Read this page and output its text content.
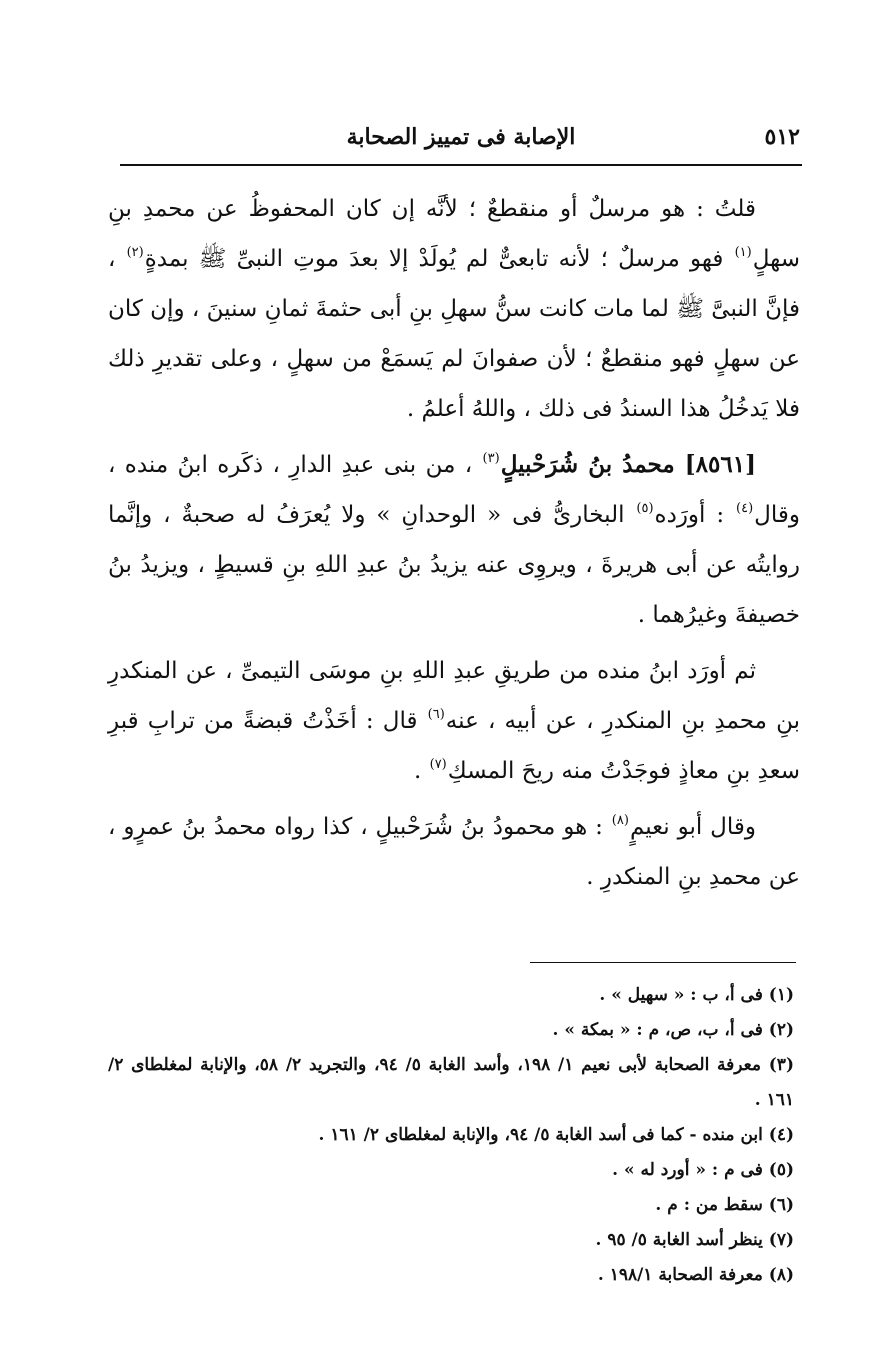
٥١٢
الإصابة فى تمييز الصحابة

قلتُ : هو مرسلٌ أو منقطعٌ ؛ لأنَّه إن كان المحفوظُ عن محمدِ بنِ سهلٍ$^{(١)}$ فهو مرسلٌ ؛ لأنه تابعىٌّ لم يُولَدْ إلا بعدَ موتِ النبىِّ ﷺ بمدةٍ$^{(٢)}$ ، فإنَّ النبىَّ ﷺ لما مات كانت سنُّ سهلِ بنِ أبى حثمةَ ثمانِ سنينَ ، وإن كان عن سهلٍ فهو منقطعٌ ؛ لأن صفوانَ لم يَسمَعْ من سهلٍ ، وعلى تقديرِ ذلك فلا يَدخُلُ هذا السندُ فى ذلك ، واللهُ أعلمُ .

[٨٥٦١] محمدُ بنُ شُرَحْبيلٍ$^{(٣)}$ ، من بنى عبدِ الدارِ ، ذكَره ابنُ منده ، وقال$^{(٤)}$ : أورَده$^{(٥)}$ البخارىُّ فى « الوحدانِ » ولا يُعرَفُ له صحبةٌ ، وإنَّما روايتُه عن أبى هريرةَ ، ويروِى عنه يزيدُ بنُ عبدِ اللهِ بنِ قسيطٍ ، ويزيدُ بنُ خصيفةَ وغيرُهما .

ثم أورَد ابنُ منده من طريقِ عبدِ اللهِ بنِ موسَى التيمىِّ ، عن المنكدرِ بنِ محمدِ بنِ المنكدرِ ، عن أبيه ، عنه$^{(٦)}$ قال : أخَذْتُ قبضةً من ترابِ قبرِ سعدِ بنِ معاذٍ فوجَدْتُ منه ريحَ المسكِ$^{(٧)}$ .

وقال أبو نعيمٍ$^{(٨)}$ : هو محمودُ بنُ شُرَحْبيلٍ ، كذا رواه محمدُ بنُ عمرٍو ، عن محمدِ بنِ المنكدرِ .

(١) فى أ، ب : « سهيل » .
(٢) فى أ، ب، ص، م : « بمكة » .
(٣) معرفة الصحابة لأبى نعيم ١/ ١٩٨، وأسد الغابة ٥/ ٩٤، والتجريد ٢/ ٥٨، والإنابة لمغلطاى ٢/ ١٦١ .
(٤) ابن منده - كما فى أسد الغابة ٥/ ٩٤، والإنابة لمغلطاى ٢/ ١٦١ .
(٥) فى م : « أورد له » .
(٦) سقط من : م .
(٧) ينظر أسد الغابة ٥/ ٩٥ .
(٨) معرفة الصحابة ١٩٨/١ .
